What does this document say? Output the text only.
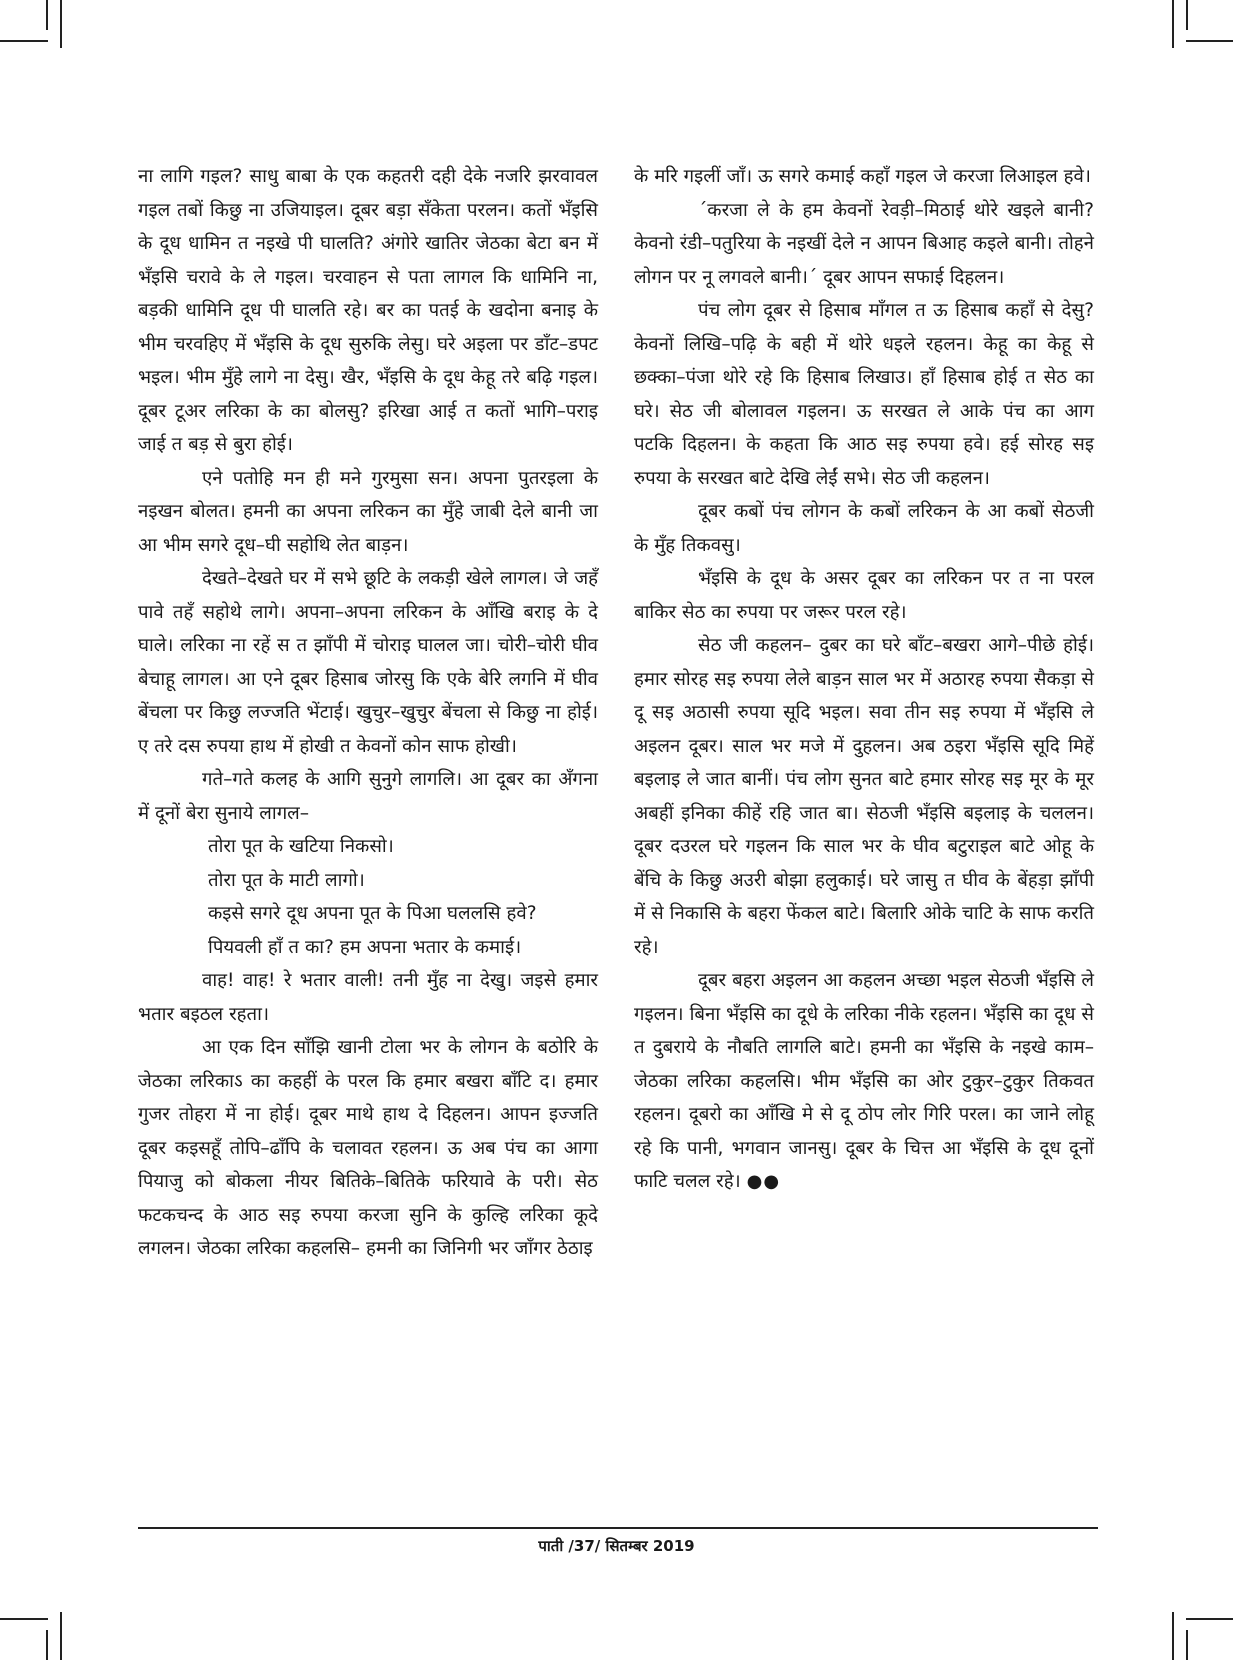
ना लागि गइल? साधु बाबा के एक कहतरी दही देके नजरि झरवावल गइल तबों किछु ना उजियाइल। दूबर बड़ा सँकेता परलन। कतों भँइसि के दूध धामिन त नइखे पी घालति? अंगोरे खातिर जेठका बेटा बन में भँइसि चरावे के ले गइल। चरवाहन से पता लागल कि धामिनि ना, बड़की धामिनि दूध पी घालति रहे। बर का पतई के खदोना बनाइ के भीम चरवहिए में भँइसि के दूध सुरुकि लेसु। घरे अइला पर डाँट–डपट भइल। भीम मुँहे लागे ना देसु। खैर, भँइसि के दूध केहू तरे बढ़ि गइल। दूबर टूअर लरिका के का बोलसु? इरिखा आई त कतों भागि–पराइ जाई त बड़ से बुरा होई।

एने पतोहि मन ही मने गुरमुसा सन। अपना पुतरइला के नइखन बोलत। हमनी का अपना लरिकन का मुँहे जाबी देले बानी जा आ भीम सगरे दूध–घी सहोथि लेत बाड़न।

देखते–देखते घर में सभे छूटि के लकड़ी खेले लागल। जे जहँ पावे तहँ सहोथे लागे। अपना–अपना लरिकन के आँखि बराइ के दे घाले। लरिका ना रहें स त झाँपी में चोराइ घालल जा। चोरी–चोरी घीव बेचाहू लागल। आ एने दूबर हिसाब जोरसु कि एके बेरि लगनि में घीव बेंचला पर किछु लज्जति भेंटाई। खुचुर–खुचुर बेंचला से किछु ना होई। ए तरे दस रुपया हाथ में होखी त केवनों कोन साफ होखी।

गते–गते कलह के आगि सुनुगे लागलि। आ दूबर का अँगना में दूनों बेरा सुनाये लागल–

तोरा पूत के खटिया निकसो।

तोरा पूत के माटी लागो।

कइसे सगरे दूध अपना पूत के पिआ घललसि हवे?

पियवली हाँ त का? हम अपना भतार के कमाई।

वाह! वाह! रे भतार वाली! तनी मुँह ना देखु। जइसे हमार भतार बइठल रहता।

आ एक दिन साँझि खानी टोला भर के लोगन के बठोरि के जेठका लरिकाऽ का कहहीं के परल कि हमार बखरा बाँटि द। हमार गुजर तोहरा में ना होई। दूबर माथे हाथ दे दिहलन। आपन इज्जति दूबर कइसहूँ तोपि–ढाँपि के चलावत रहलन। ऊ अब पंच का आगा पियाजु को बोकला नीयर बितिके–बितिके फरियावे के परी। सेठ फटकचन्द के आठ सइ रुपया करजा सुनि के कुल्हि लरिका कूदे लगलन। जेठका लरिका कहलसि– हमनी का जिनिगी भर जाँगर ठेठाइ

के मरि गइलीं जाँ। ऊ सगरे कमाई कहाँ गइल जे करजा लिआइल हवे।

´करजा ले के हम केवनों रेवड़ी–मिठाई थोरे खइले बानी? केवनो रंडी–पतुरिया के नइखीं देले न आपन बिआह कइले बानी। तोहने लोगन पर नू लगवले बानी।´ दूबर आपन सफाई दिहलन।

पंच लोग दूबर से हिसाब माँगल त ऊ हिसाब कहाँ से देसु? केवनों लिखि–पढ़ि के बही में थोरे धइले रहलन। केहू का केहू से छक्का–पंजा थोरे रहे कि हिसाब लिखाउ। हाँ हिसाब होई त सेठ का घरे। सेठ जी बोलावल गइलन। ऊ सरखत ले आके पंच का आग पटकि दिहलन। के कहता कि आठ सइ रुपया हवे। हई सोरह सइ रुपया के सरखत बाटे देखि लेईं सभे। सेठ जी कहलन।

दूबर कबों पंच लोगन के कबों लरिकन के आ कबों सेठजी के मुँह तिकवसु।

भँइसि के दूध के असर दूबर का लरिकन पर त ना परल बाकिर सेठ का रुपया पर जरूर परल रहे।

सेठ जी कहलन– दुबर का घरे बाँट–बखरा आगे–पीछे होई। हमार सोरह सइ रुपया लेले बाड़न साल भर में अठारह रुपया सैकड़ा से दू सइ अठासी रुपया सूदि भइल। सवा तीन सइ रुपया में भँइसि ले अइलन दूबर। साल भर मजे में दुहलन। अब ठइरा भँइसि सूदि मिहें बइलाइ ले जात बानीं। पंच लोग सुनत बाटे हमार सोरह सइ मूर के मूर अबहीं इनिका कीहें रहि जात बा। सेठजी भँइसि बइलाइ के चललन। दूबर दउरल घरे गइलन कि साल भर के घीव बटुराइल बाटे ओहू के बेंचि के किछु अउरी बोझा हलुकाई। घरे जासु त घीव के बेंहड़ा झाँपी में से निकासि के बहरा फेंकल बाटे। बिलारि ओके चाटि के साफ करति रहे।

दूबर बहरा अइलन आ कहलन अच्छा भइल सेठजी भँइसि ले गइलन। बिना भँइसि का दूधे के लरिका नीके रहलन। भँइसि का दूध से त दुबराये के नौबति लागलि बाटे। हमनी का भँइसि के नइखे काम– जेठका लरिका कहलसि। भीम भँइसि का ओर टुकुर–टुकुर तिकवत रहलन। दूबरो का आँखि मे से दू ठोप लोर गिरि परल। का जाने लोहू रहे कि पानी, भगवान जानसु। दूबर के चित्त आ भँइसि के दूध दूनों फाटि चलल रहे। ●●

पाती /37/ सितम्बर 2019
